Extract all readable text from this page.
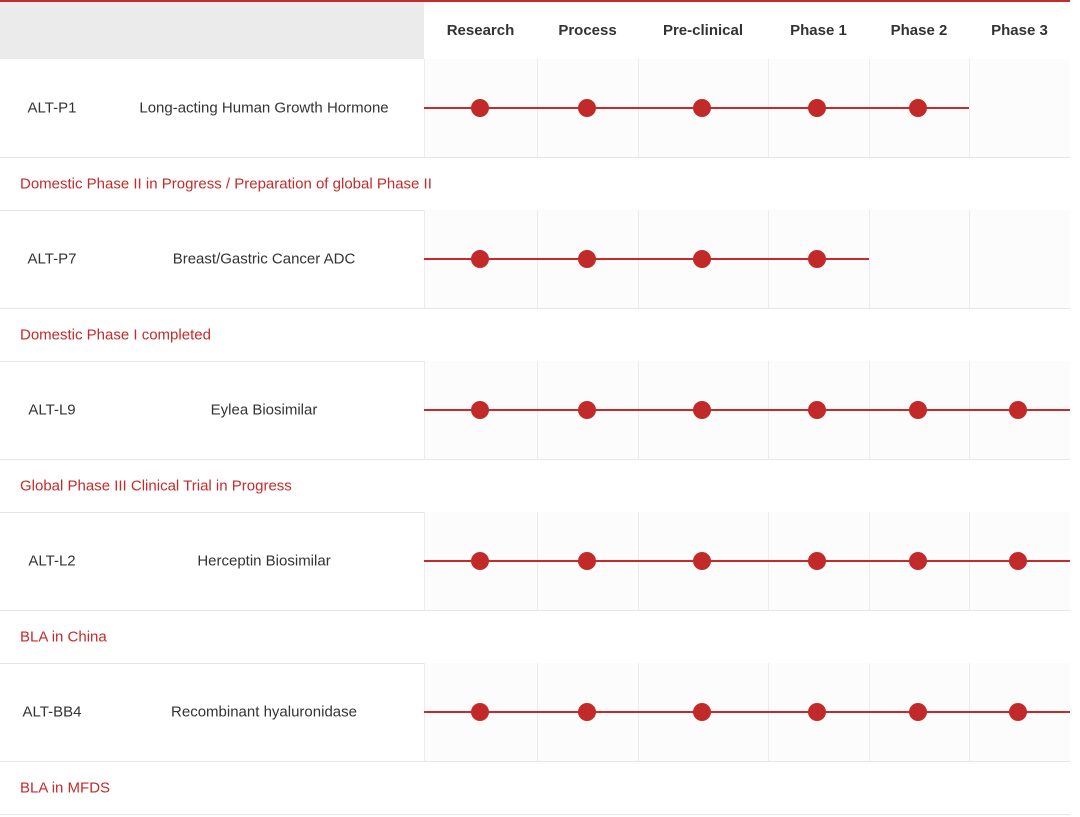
Research	Process	Pre-clinical	Phase 1	Phase 2	Phase 3
ALT-P1	Long-acting Human Growth Hormone
Domestic Phase II in Progress / Preparation of global Phase II
ALT-P7	Breast/Gastric Cancer ADC
Domestic Phase I completed
ALT-L9	Eylea Biosimilar
Global Phase III Clinical Trial in Progress
ALT-L2	Herceptin Biosimilar
BLA in China
ALT-BB4	Recombinant hyaluronidase
BLA in MFDS
